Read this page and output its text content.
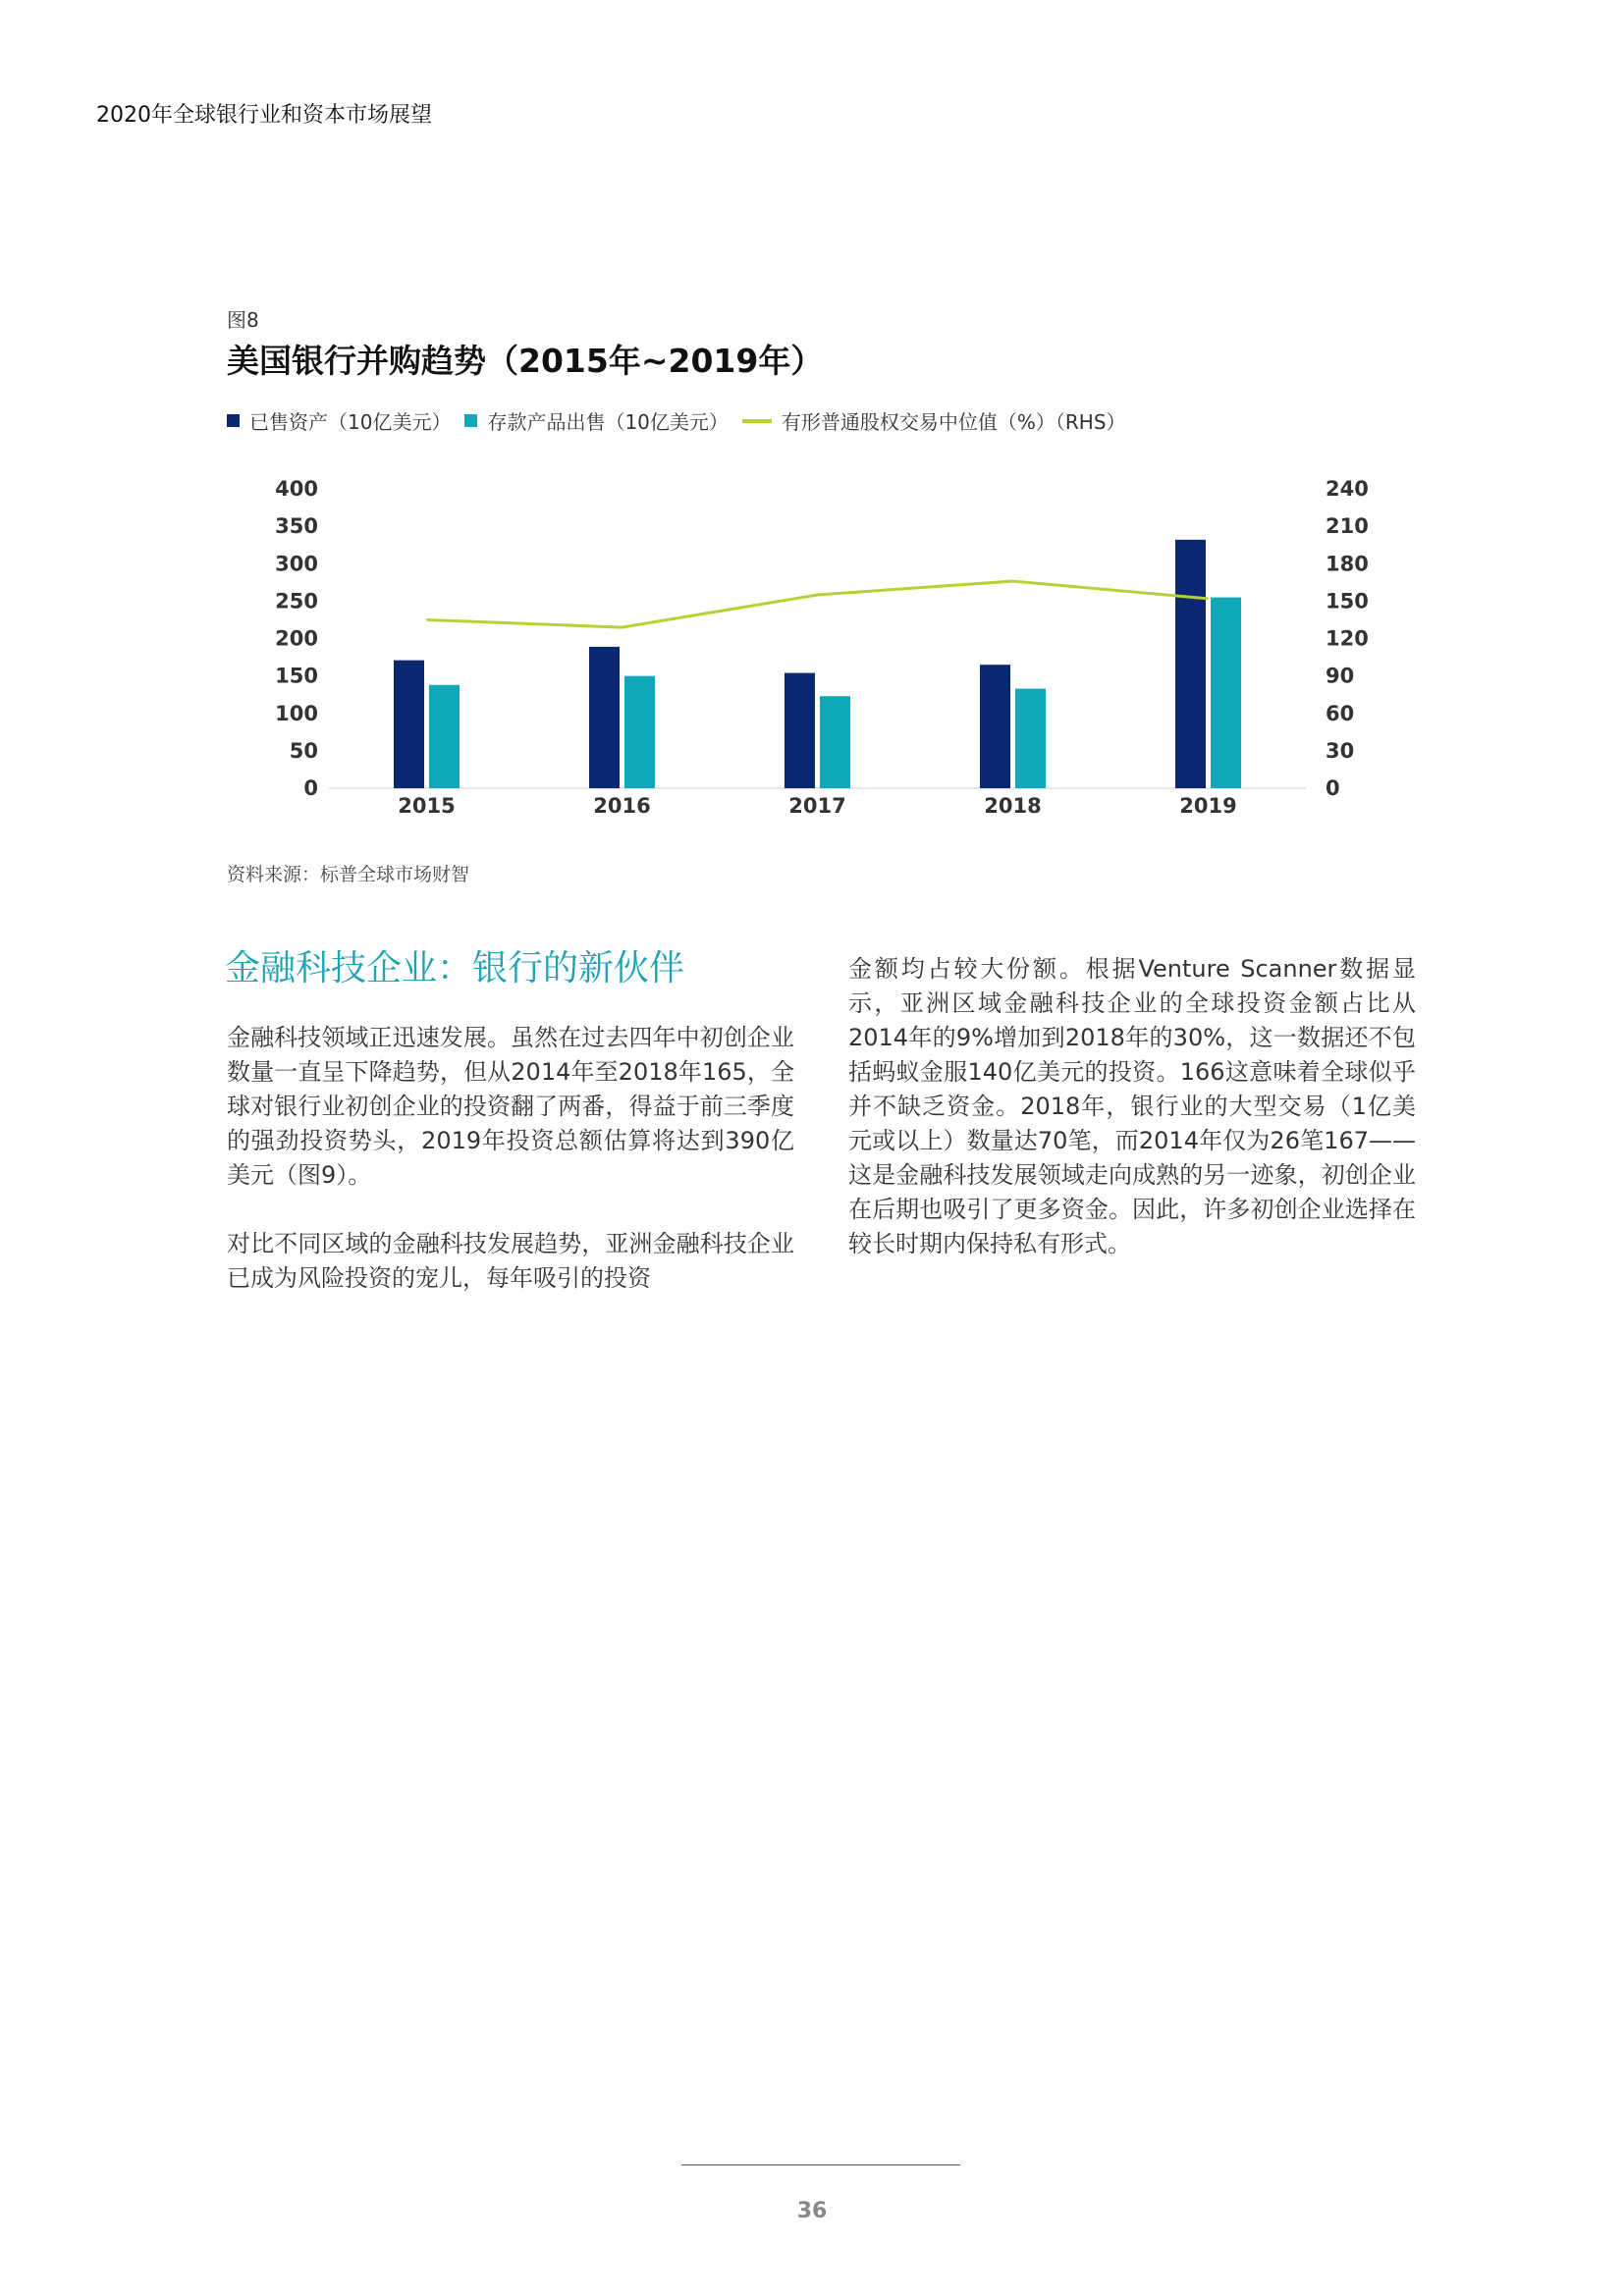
2020年全球银行业和资本市场展望
图8
美国银行并购趋势（2015年~2019年）
已售资产（10亿美元） 存款产品出售（10亿美元）	有形普通股权交易中位值（%）（RHS）
0
50
100
150
200
250
300
350
400
0
30
60
90
120
150
180
210
240
2015	2016	2017	2018	2019
资料来源：标普全球市场财智
金融科技企业：银行的新伙伴

金融科技领域正迅速发展。虽然在过去四年中初创企业数量一直呈下降趋势，但从2014年至2018年165，全球对银行业初创企业的投资翻了两番，得益于前三季度的强劲投资势头，2019年投资总额估算将达到390亿美元（图9）。

对比不同区域的金融科技发展趋势，亚洲金融科技企业已成为风险投资的宠儿，每年吸引的投资

金额均占较大份额。根据Venture Scanner数据显示，亚洲区域金融科技企业的全球投资金额占比从2014年的9%增加到2018年的30%，这一数据还不包括蚂蚁金服140亿美元的投资。166这意味着全球似乎并不缺乏资金。2018年，银行业的大型交易（1亿美元或以上）数量达70笔，而2014年仅为26笔167——这是金融科技发展领域走向成熟的另一迹象，初创企业在后期也吸引了更多资金。因此，许多初创企业选择在较长时期内保持私有形式。

36
